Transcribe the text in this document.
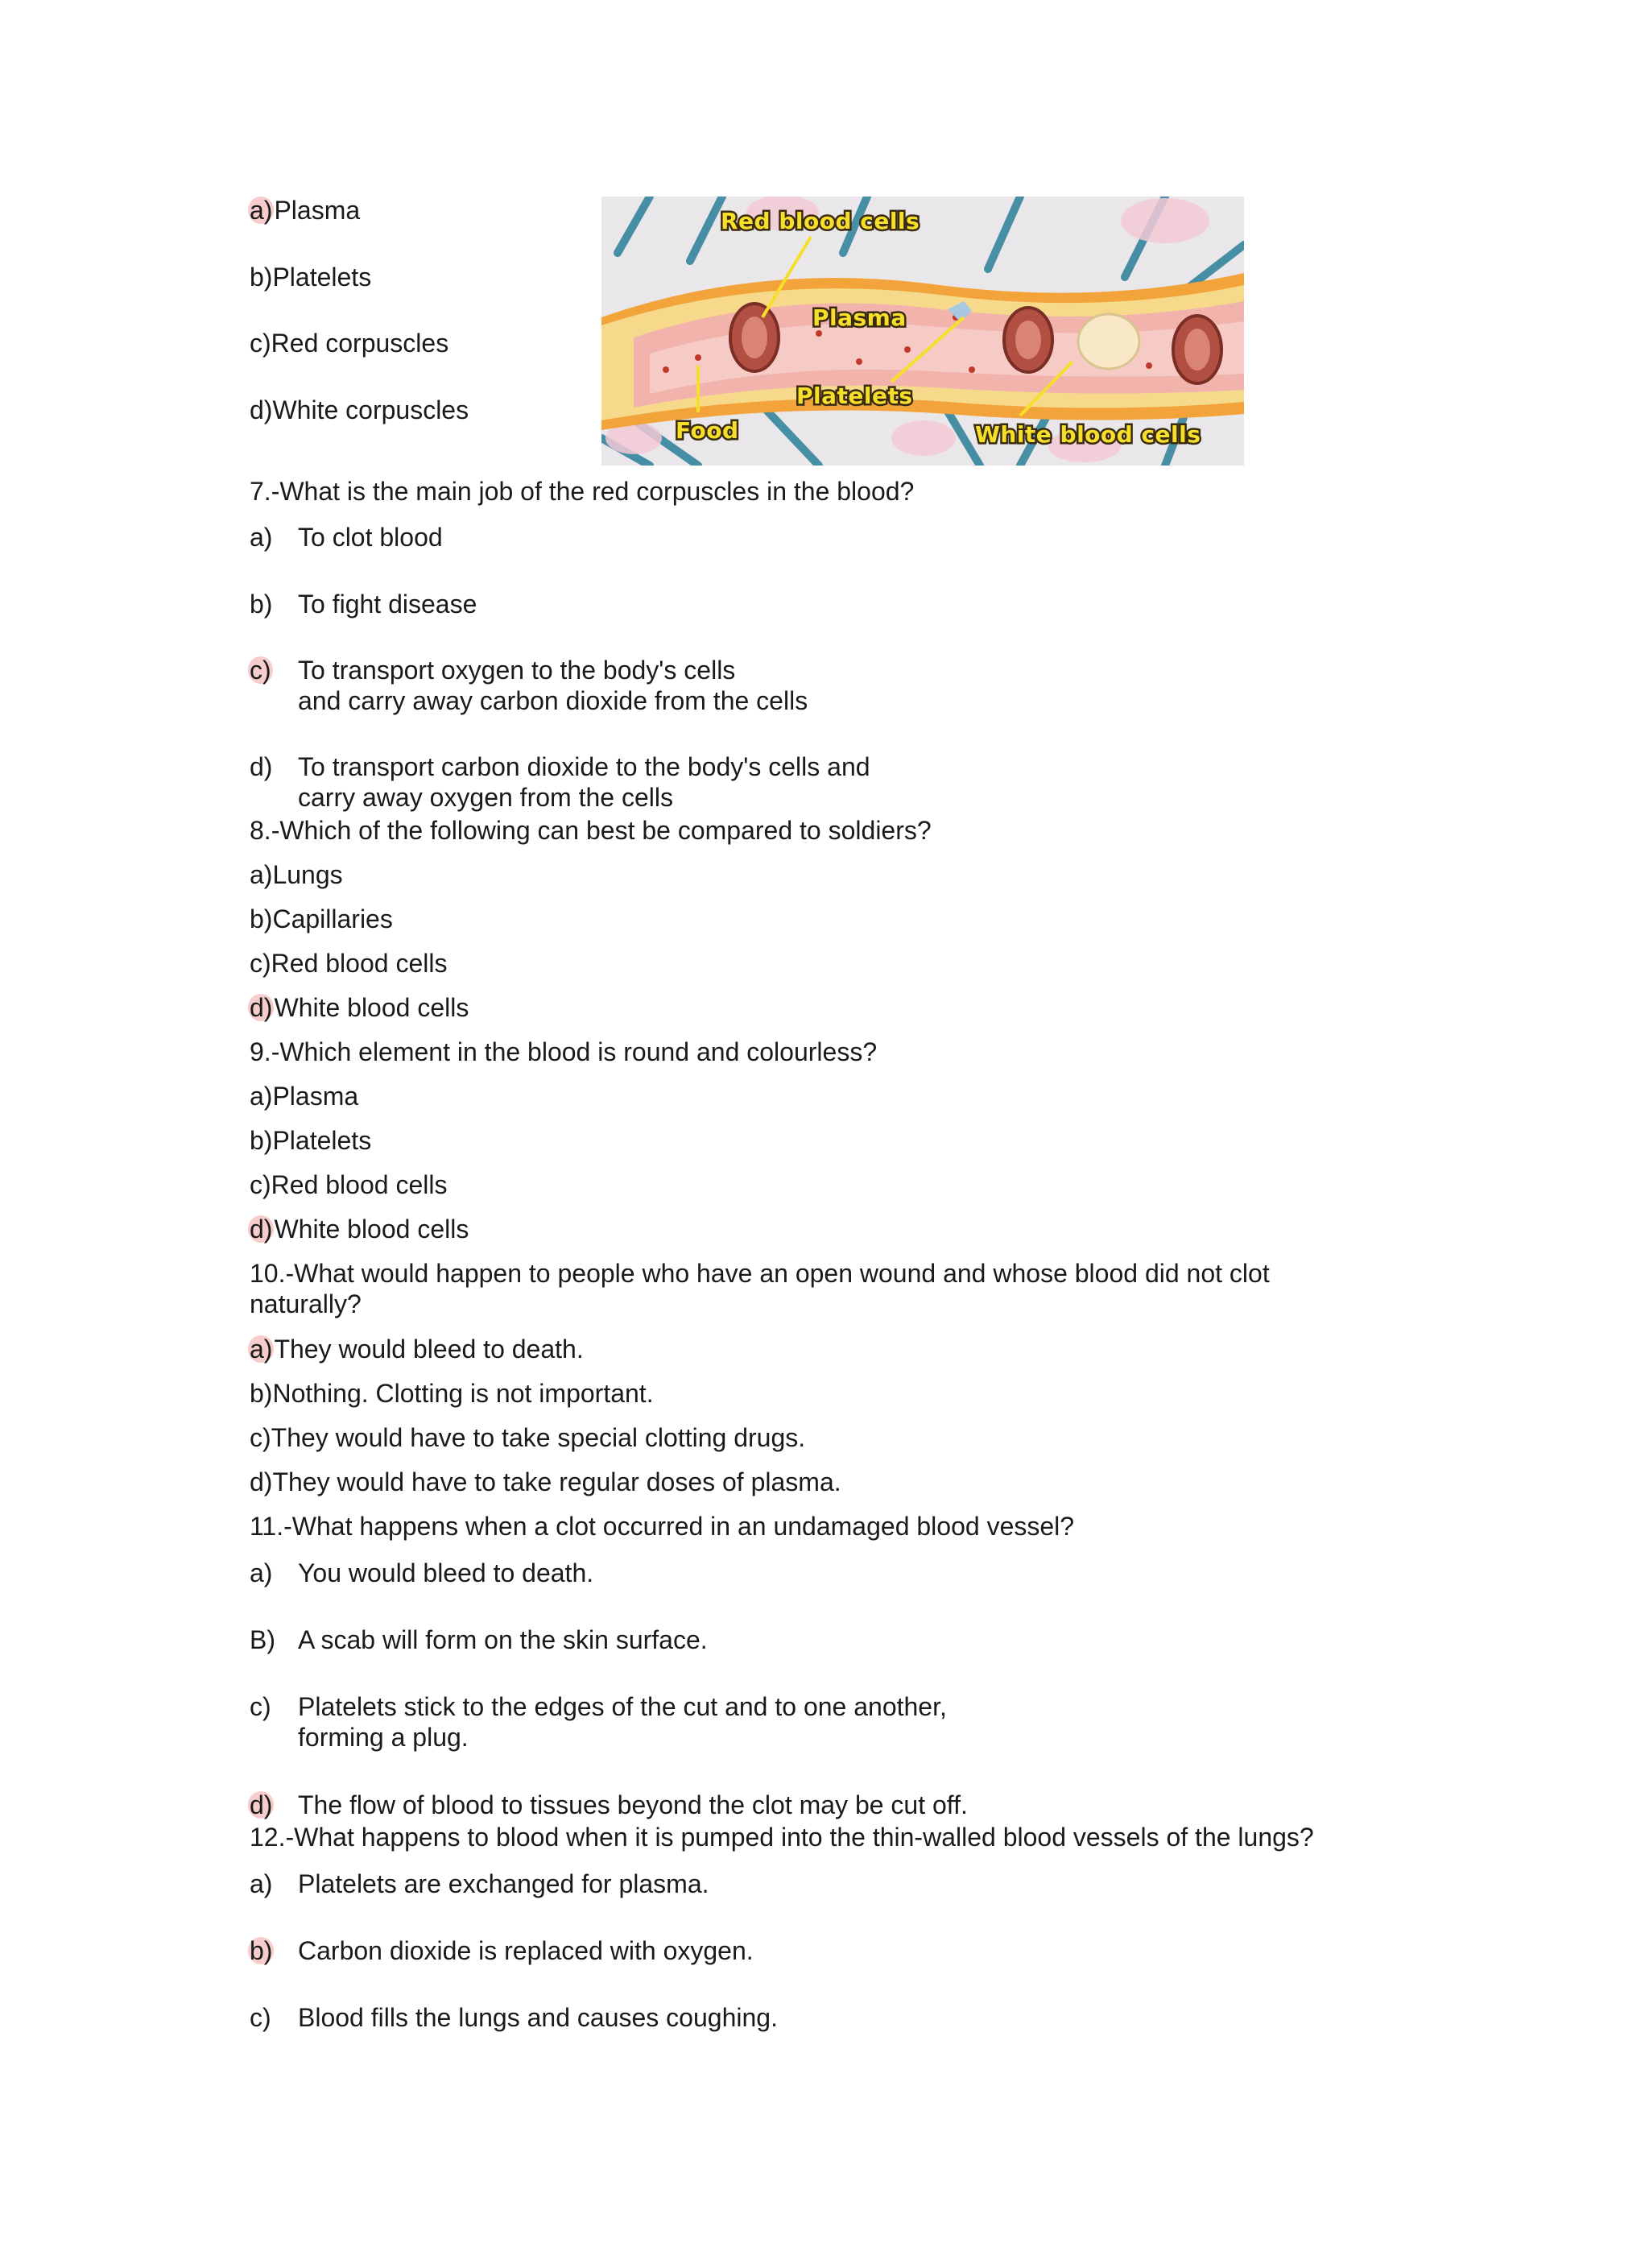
a)Plasma
b)Platelets
c)Red corpuscles
d)White corpuscles
Red blood cells
Plasma
Platelets
Food	White blood cells
7.-What is the main job of the red corpuscles in the blood?
a) To clot blood
b) To fight disease
c)	To transport oxygen to the body's cells
and carry away carbon dioxide from the cells
d) To transport carbon dioxide to the body's cells and
carry away oxygen from the cells
8.-Which of the following can best be compared to soldiers?
a)Lungs
b)Capillaries
c)Red blood cells
d)White blood cells
9.-Which element in the blood is round and colourless?
a)Plasma
b)Platelets
c)Red blood cells
d)White blood cells
10.-What would happen to people who have an open wound and whose blood did not clot
naturally?
a)They would bleed to death.
b)Nothing. Clotting is not important.
c)They would have to take special clotting drugs.
d)They would have to take regular doses of plasma.
11.-What happens when a clot occurred in an undamaged blood vessel?
a) You would bleed to death.
B) A scab will form on the skin surface.
c)	Platelets stick to the edges of the cut and to one another,
forming a plug.
d) The flow of blood to tissues beyond the clot may be cut off.
12.-What happens to blood when it is pumped into the thin-walled blood vessels of the lungs?
a) Platelets are exchanged for plasma.
b) Carbon dioxide is replaced with oxygen.
c)	Blood fills the lungs and causes coughing.
